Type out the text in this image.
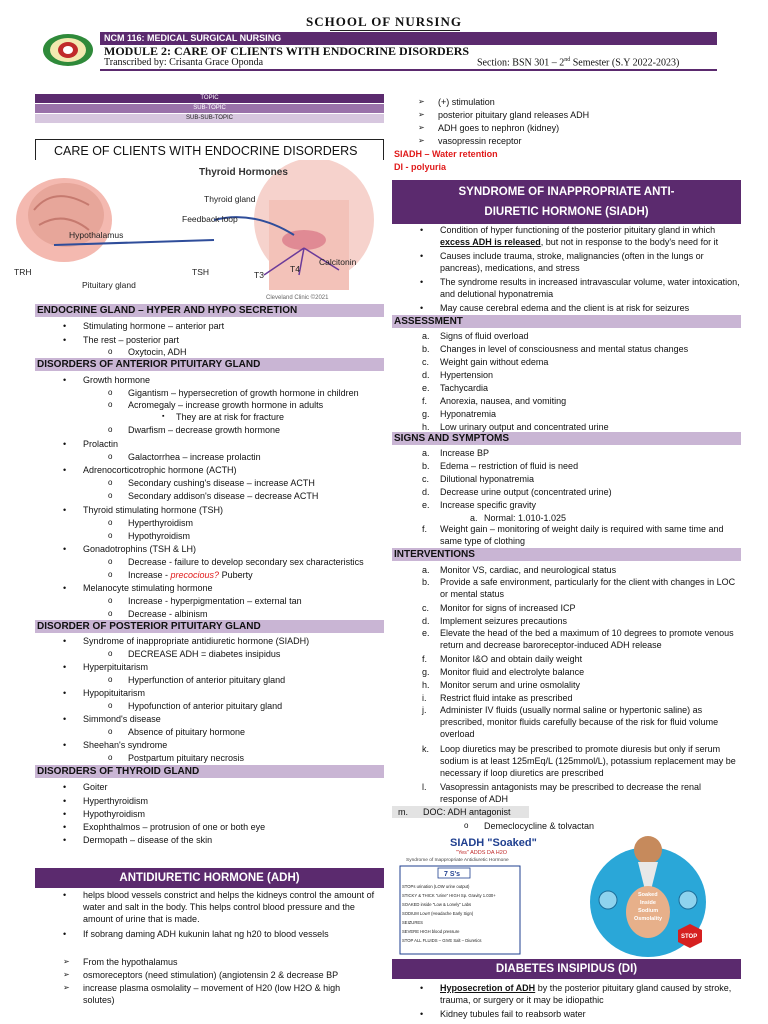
SCHOOL OF NURSING
NCM 116: MEDICAL SURGICAL NURSING
MODULE 2: CARE OF CLIENTS WITH ENDOCRINE DISORDERS
Transcribed by: Crisanta Grace Oponda	Section: BSN 301 – 2nd Semester (S.Y 2022-2023)
TOPIC
SUB-TOPIC
SUB-SUB-TOPIC
CARE OF CLIENTS WITH ENDOCRINE DISORDERS
Thyroid Hormones
Thyroid gland
Feedback loop
Hypothalamus
TRH	TSH	T3
T4
Calcitonin
Pituitary gland
Cleveland Clinic ©2021
ENDOCRINE GLAND – HYPER AND HYPO SECRETION
• Stimulating hormone – anterior part
• The rest – posterior part
o Oxytocin, ADH
DISORDERS OF ANTERIOR PITUITARY GLAND
• Growth hormone
o Gigantism – hypersecretion of growth hormone in children
o Acromegaly – increase growth hormone in adults
▪ They are at risk for fracture
o Dwarfism – decrease growth hormone
• Prolactin
o Galactorrhea – increase prolactin
• Adrenocorticotrophic hormone (ACTH)
o Secondary cushing's disease – increase ACTH
o Secondary addison's disease – decrease ACTH
• Thyroid stimulating hormone (TSH)
o Hyperthyroidism
o Hypothyroidism
• Gonadotrophins (TSH & LH)
o Decrease - failure to develop secondary sex characteristics
o Increase - precocious? Puberty
• Melanocyte stimulating hormone
o Increase - hyperpigmentation – external tan
o Decrease - albinism
DISORDER OF POSTERIOR PITUITARY GLAND
• Syndrome of inappropriate antidiuretic hormone (SIADH)
o DECREASE ADH = diabetes insipidus
• Hyperpituitarism
o Hyperfunction of anterior pituitary gland
• Hypopituitarism
o Hypofunction of anterior pituitary gland
• Simmond's disease
o Absence of pituitary hormone
• Sheehan's syndrome
o Postpartum pituitary necrosis
DISORDERS OF THYROID GLAND
• Goiter
• Hyperthyroidism
• Hypothyroidism
• Exophthalmos – protrusion of one or both eye
• Dermopath – disease of the skin
ANTIDIURETIC HORMONE (ADH)
• helps blood vessels constrict and helps the kidneys control the amount of water and salt in the body. This helps control blood pressure and the amount of urine that is made.
• If sobrang daming ADH kukunin lahat ng h20 to blood vessels
➢ From the hypothalamus
➢ osmoreceptors (need stimulation) (angiotensin 2 & decrease BP
➢ increase plasma osmolality – movement of H20 (low H2O & high solutes)
➢ (+) stimulation
➢ posterior pituitary gland releases ADH
➢ ADH goes to nephron (kidney)
➢ vasopressin receptor
SIADH – Water retention
DI - polyuria
SYNDROME OF INAPPROPRIATE ANTI-DIURETIC HORMONE (SIADH)
• Condition of hyper functioning of the posterior pituitary gland in which excess ADH is released, but not in response to the body's need for it
• Causes include trauma, stroke, malignancies (often in the lungs or pancreas), medications, and stress
• The syndrome results in increased intravascular volume, water intoxication, and delutional hyponatremia
• May cause cerebral edema and the client is at risk for seizures
ASSESSMENT
a. Signs of fluid overload
b. Changes in level of consciousness and mental status changes
c. Weight gain without edema
d. Hypertension
e. Tachycardia
f. Anorexia, nausea, and vomiting
g. Hyponatremia
h. Low urinary output and concentrated urine
SIGNS AND SYMPTOMS
a. Increase BP
b. Edema – restriction of fluid is need
c. Dilutional hyponatremia
d. Decrease urine output (concentrated urine)
e. Increase specific gravity
a. Normal: 1.010-1.025
f. Weight gain – monitoring of weight daily is required with same time and same type of clothing
INTERVENTIONS
a. Monitor VS, cardiac, and neurological status
b. Provide a safe environment, particularly for the client with changes in LOC or mental status
c. Monitor for signs of increased ICP
d. Implement seizures precautions
e. Elevate the head of the bed a maximum of 10 degrees to promote venous return and decrease baroreceptor-induced ADH release
f. Monitor I&O and obtain daily weight
g. Monitor fluid and electrolyte balance
h. Monitor serum and urine osmolality
i. Restrict fluid intake as prescribed
j. Administer IV fluids (usually normal saline or hypertonic saline) as prescribed, monitor fluids carefully because of the risk for fluid volume overload
k. Loop diuretics may be prescribed to promote diuresis but only if serum sodium is at least 125mEq/L (125mmol/L), potassium replacement may be necessary if loop diuretics are prescribed
l. Vasopressin antagonists may be prescribed to decrease the renal response of ADH
m. DOC: ADH antagonist
o Demeclocycline & tolvactan
SIADH "Soaked"
"Yes" ADDS DA H2O
Syndrome of Inappropriate Antidiuretic Hormone
7 S's
STOPs urination (LOW urine output)
STICKY & THICK "urine" HIGH Sp. Gravity 1.030+
SOAKED inside "Low & Lonely" Labs
SODIUM Low!! (Headache Early Sign)
SEIZURES
SEVERE HIGH blood pressure
STOP ALL FLUIDS – GIVE Salt – Diuretics
Soaked
Inside
Sodium
Osmolality
STOP
DIABETES INSIPIDUS (DI)
• Hyposecretion of ADH by the posterior pituitary gland caused by stroke, trauma, or surgery or it may be idiopathic
• Kidney tubules fail to reabsorb water
